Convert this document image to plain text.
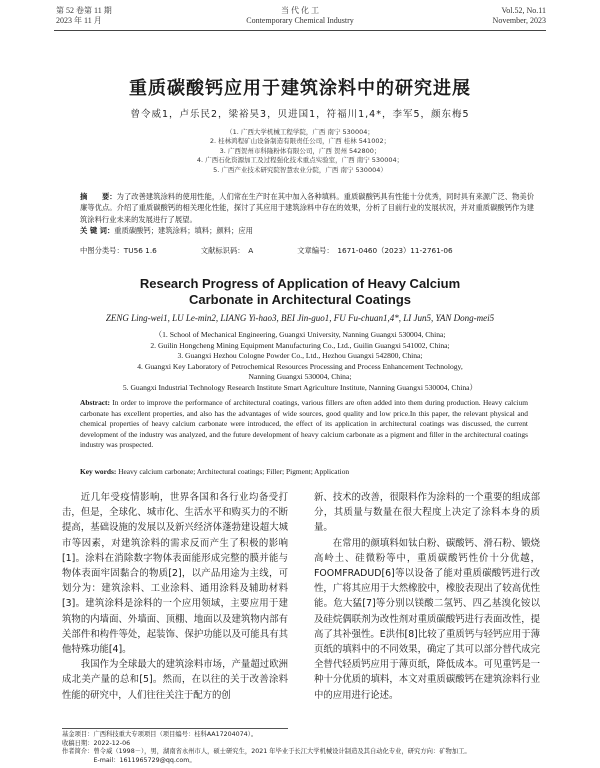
第 52 卷第 11 期
2023 年 11 月
当 代 化 工
Contemporary Chemical Industry
Vol.52, No.11
November, 2023
重质碳酸钙应用于建筑涂料中的研究进展
曾令威1，卢乐民2，梁裕昊3，贝进国1，符福川1,4*，李军5，颜东梅5
（1. 广西大学机械工程学院，广西 南宁 530004；
2. 桂林鸿程矿山设备制造有限责任公司，广西 桂林 541002；
3. 广西贺州市科隆粉体有限公司，广西 贺州 542800；
4. 广西石化资源加工及过程强化技术重点实验室，广西 南宁 530004；
5. 广西产业技术研究院智慧农业分院，广西 南宁 530004）
摘　　要：为了改善建筑涂料的使用性能，人们常在生产时在其中加入各种填料。重质碳酸钙具有性能十分优秀，同时具有来源广泛、物美价廉等优点。介绍了重质碳酸钙的相关理化性能，探讨了其应用于建筑涂料中存在的效果，分析了目前行业的发展状况，并对重质碳酸钙作为建筑涂料行业未来的发展进行了展望。
关 键 词：重质碳酸钙；建筑涂料；填料；颜料；应用
中图分类号：TU56 1.6	文献标识码：　A	文章编号：　1671-0460（2023）11-2761-06
Research Progress of Application of Heavy Calcium
Carbonate in Architectural Coatings
ZENG Ling-wei1, LU Le-min2, LIANG Yi-hao3, BEI Jin-guo1, FU Fu-chuan1,4*, LI Jun5, YAN Dong-mei5
（1. School of Mechanical Engineering, Guangxi University, Nanning Guangxi 530004, China;
2. Guilin Hongcheng Mining Equipment Manufacturing Co., Ltd., Guilin Guangxi 541002, China;
3. Guangxi Hezhou Cologne Powder Co., Ltd., Hezhou Guangxi 542800, China;
4. Guangxi Key Laboratory of Petrochemical Resources Processing and Process Enhancement Technology,
Nanning Guangxi 530004, China;
5. Guangxi Industrial Technology Research Institute Smart Agriculture Institute, Nanning Guangxi 530004, China）
Abstract: In order to improve the performance of architectural coatings, various fillers are often added into them during production. Heavy calcium carbonate has excellent properties, and also has the advantages of wide sources, good quality and low price.In this paper, the relevant physical and chemical properties of heavy calcium carbonate were introduced, the effect of its application in architectural coatings was discussed, the current development of the industry was analyzed, and the future development of heavy calcium carbonate as a pigment and filler in the architectural coatings industry was prospected.
Key words: Heavy calcium carbonate; Architectural coatings; Filler; Pigment; Application

近几年受疫情影响，世界各国和各行业均备受打击，但是，全球化、城市化、生活水平和购买力的不断提高，基础设施的发展以及新兴经济体蓬勃建设超大城市等因素，对建筑涂料的需求反而产生了积极的影响[1]。涂料在消除数字物体表面能形成完整的膜并能与物体表面牢固黏合的物质[2]，以产品用途为主线，可划分为：建筑涂料、工业涂料、通用涂料及辅助材料[3]。建筑涂料是涂料的一个应用领域，主要应用于建筑物的内墙面、外墙面、顶棚、地面以及建筑物内部有关部件和构件等处，起装饰、保护功能以及可能具有其他特殊功能[4]。

我国作为全球最大的建筑涂料市场，产量超过欧洲成北美产量的总和[5]。然而，在以往的关于改善涂料性能的研究中，人们往往关注于配方的创

新、技术的改善，很限料作为涂料的一个重要的组成部分，其质量与数量在很大程度上决定了涂料本身的质量。

在常用的颜填料如钛白粉、碳酸钙、滑石粉、锻烧高岭土、硅微粉等中，重质碳酸钙性价十分优越，FOOMFRADUD[6]等以设备了能对重质碳酸钙进行改性，广将其应用于大然橡胶中，橡胶表现出了较高优性能。危大猛[7]等分别以镁酸二氢钙、四乙基溴化铵以及硅烷偶联剂为改性剂对重质碳酸钙进行表面改性，提高了其补强性。E洪伟[8]比较了重质钙与轻钙应用于薄页纸的填料中的不同效果，确定了其可以部分替代成完全替代轻质钙应用于薄页纸，降低成本。可见重钙是一种十分优质的填料，本文对重质碳酸钙在建筑涂料行业中的应用进行论述。

基金项目：广西科技重大专项项目（项目编号：桂科AA17204074）。
收稿日期：2022-12-06
作者简介：曾令威（1998－），男，湖南省永州市人，硕士研究生，2021 年毕业于长江大学机械设计制造及其自动化专业，研究方向：矿物加工。
　　　　　E-mail：1611965729@qq.com。
